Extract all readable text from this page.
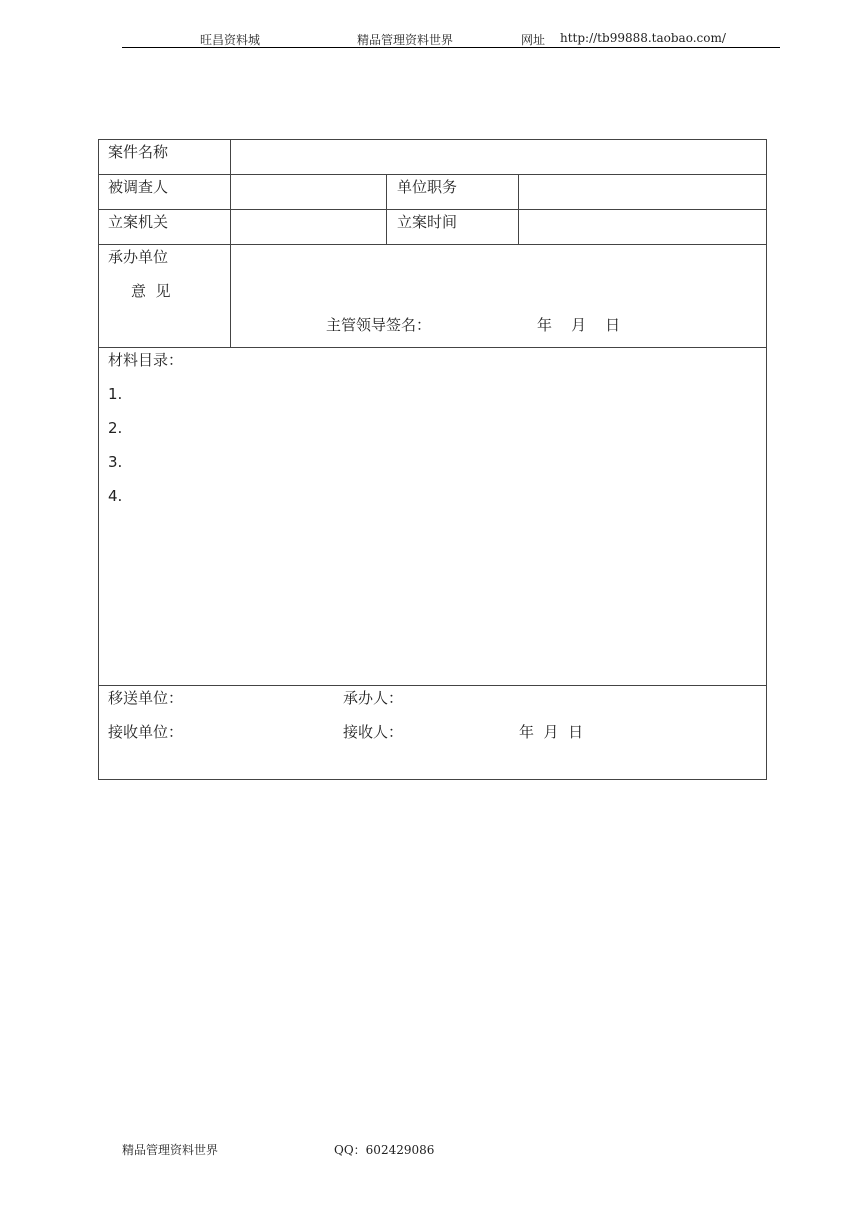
旺昌资料城	精品管理资料世界	网址 http://tb99888.taobao.com/
案件名称
被调查人	单位职务
立案机关	立案时间
承办单位
意  见
主管领导签名：	年    月    日
材料目录：
1.
2.
3.
4.
移送单位：	承办人：
接收单位：	接收人：	年  月  日
精品管理资料世界	QQ：602429086
